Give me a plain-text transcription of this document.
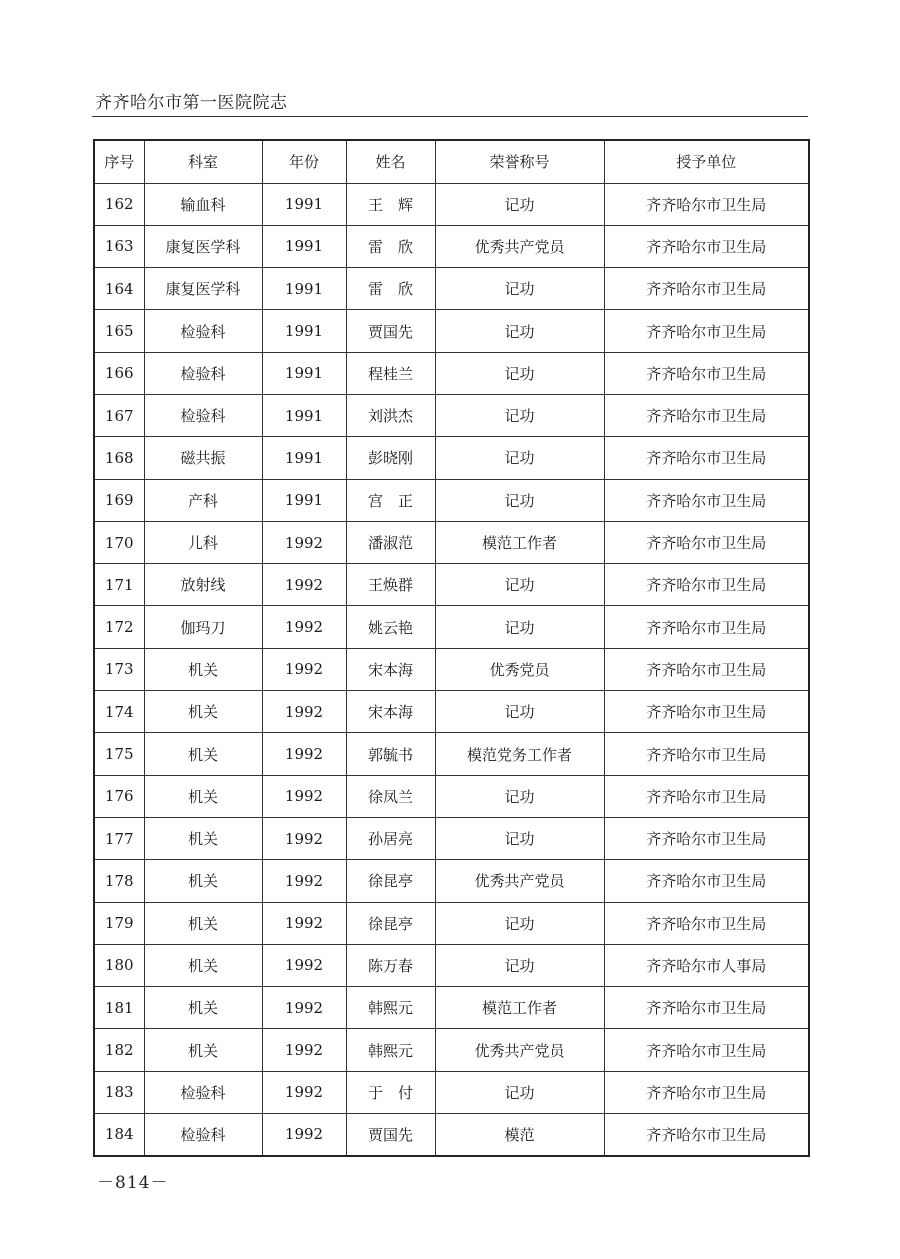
齐齐哈尔市第一医院院志
序号	科室	年份	姓名	荣誉称号	授予单位
162	输血科	1991	王　辉	记功	齐齐哈尔市卫生局
163	康复医学科	1991	雷　欣	优秀共产党员	齐齐哈尔市卫生局
164	康复医学科	1991	雷　欣	记功	齐齐哈尔市卫生局
165	检验科	1991	贾国先	记功	齐齐哈尔市卫生局
166	检验科	1991	程桂兰	记功	齐齐哈尔市卫生局
167	检验科	1991	刘洪杰	记功	齐齐哈尔市卫生局
168	磁共振	1991	彭晓刚	记功	齐齐哈尔市卫生局
169	产科	1991	宫　正	记功	齐齐哈尔市卫生局
170	儿科	1992	潘淑范	模范工作者	齐齐哈尔市卫生局
171	放射线	1992	王焕群	记功	齐齐哈尔市卫生局
172	伽玛刀	1992	姚云艳	记功	齐齐哈尔市卫生局
173	机关	1992	宋本海	优秀党员	齐齐哈尔市卫生局
174	机关	1992	宋本海	记功	齐齐哈尔市卫生局
175	机关	1992	郭毓书	模范党务工作者	齐齐哈尔市卫生局
176	机关	1992	徐凤兰	记功	齐齐哈尔市卫生局
177	机关	1992	孙居亮	记功	齐齐哈尔市卫生局
178	机关	1992	徐昆亭	优秀共产党员	齐齐哈尔市卫生局
179	机关	1992	徐昆亭	记功	齐齐哈尔市卫生局
180	机关	1992	陈万春	记功	齐齐哈尔市人事局
181	机关	1992	韩熙元	模范工作者	齐齐哈尔市卫生局
182	机关	1992	韩熙元	优秀共产党员	齐齐哈尔市卫生局
183	检验科	1992	于　付	记功	齐齐哈尔市卫生局
184	检验科	1992	贾国先	模范	齐齐哈尔市卫生局
－814－
